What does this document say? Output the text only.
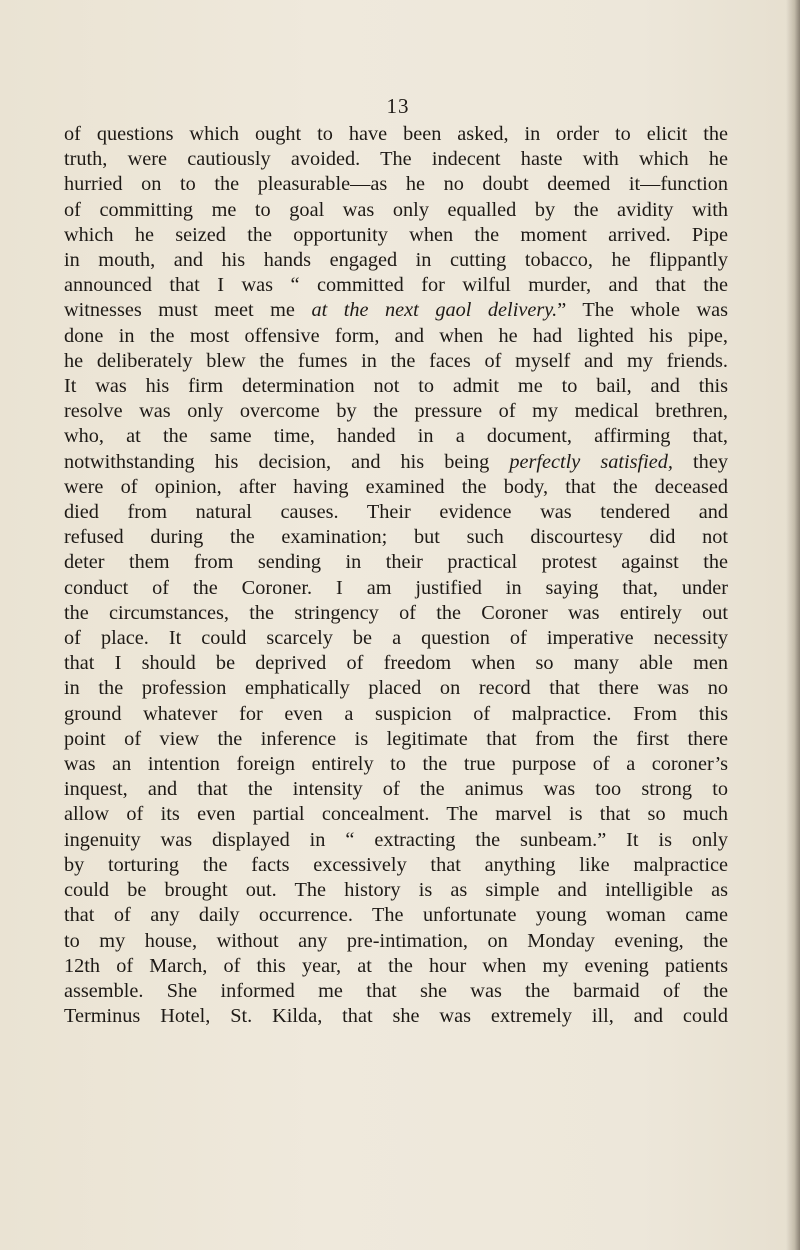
13
of questions which ought to have been asked, in order to elicit the
truth, were cautiously avoided. The indecent haste with which he
hurried on to the pleasurable—as he no doubt deemed it—function
of committing me to goal was only equalled by the avidity with
which he seized the opportunity when the moment arrived. Pipe
in mouth, and his hands engaged in cutting tobacco, he flippantly
announced that I was “ committed for wilful murder, and that the
witnesses must meet me at the next gaol delivery.” The whole was
done in the most offensive form, and when he had lighted his pipe,
he deliberately blew the fumes in the faces of myself and my friends.
It was his firm determination not to admit me to bail, and this
resolve was only overcome by the pressure of my medical brethren,
who, at the same time, handed in a document, affirming that,
notwithstanding his decision, and his being perfectly satisfied, they
were of opinion, after having examined the body, that the deceased
died from natural causes. Their evidence was tendered and
refused during the examination; but such discourtesy did not
deter them from sending in their practical protest against the
conduct of the Coroner. I am justified in saying that, under
the circumstances, the stringency of the Coroner was entirely out
of place. It could scarcely be a question of imperative necessity
that I should be deprived of freedom when so many able men
in the profession emphatically placed on record that there was no
ground whatever for even a suspicion of malpractice. From this
point of view the inference is legitimate that from the first there
was an intention foreign entirely to the true purpose of a coroner’s
inquest, and that the intensity of the animus was too strong to
allow of its even partial concealment. The marvel is that so much
ingenuity was displayed in “ extracting the sunbeam.” It is only
by torturing the facts excessively that anything like malpractice
could be brought out. The history is as simple and intelligible as
that of any daily occurrence. The unfortunate young woman came
to my house, without any pre-intimation, on Monday evening, the
12th of March, of this year, at the hour when my evening patients
assemble. She informed me that she was the barmaid of the
Terminus Hotel, St. Kilda, that she was extremely ill, and could
